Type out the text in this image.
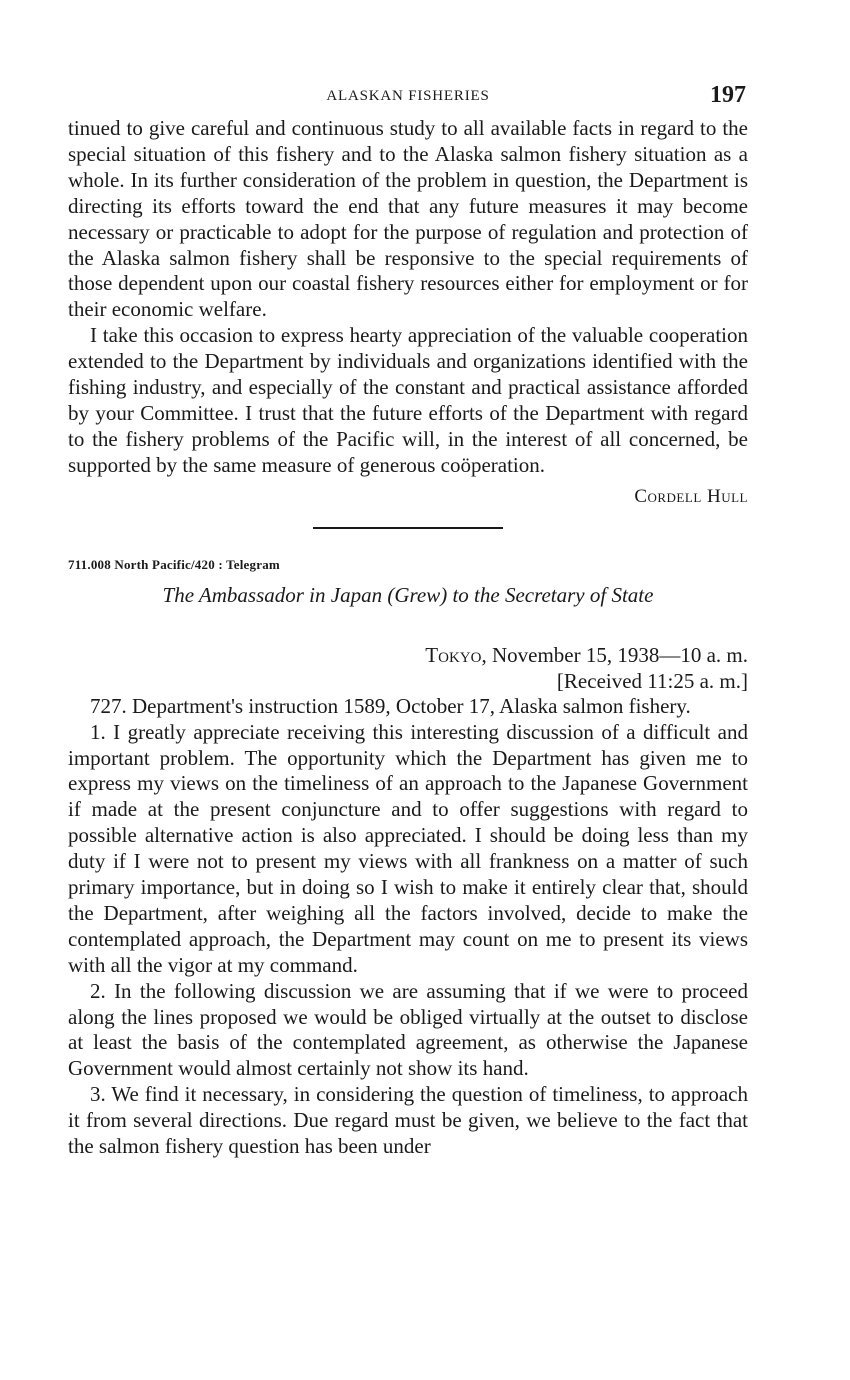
ALASKAN FISHERIES	197

tinued to give careful and continuous study to all available facts in regard to the special situation of this fishery and to the Alaska salmon fishery situation as a whole. In its further consideration of the problem in question, the Department is directing its efforts toward the end that any future measures it may become necessary or practicable to adopt for the purpose of regulation and protection of the Alaska salmon fishery shall be responsive to the special requirements of those dependent upon our coastal fishery resources either for employment or for their economic welfare.

I take this occasion to express hearty appreciation of the valuable cooperation extended to the Department by individuals and organizations identified with the fishing industry, and especially of the constant and practical assistance afforded by your Committee. I trust that the future efforts of the Department with regard to the fishery problems of the Pacific will, in the interest of all concerned, be supported by the same measure of generous coöperation.

Cordell Hull
711.008 North Pacific/420 : Telegram
The Ambassador in Japan (Grew) to the Secretary of State
Tokyo, November 15, 1938—10 a. m.
[Received 11:25 a. m.]

727. Department's instruction 1589, October 17, Alaska salmon fishery.

1. I greatly appreciate receiving this interesting discussion of a difficult and important problem. The opportunity which the Department has given me to express my views on the timeliness of an approach to the Japanese Government if made at the present conjuncture and to offer suggestions with regard to possible alternative action is also appreciated. I should be doing less than my duty if I were not to present my views with all frankness on a matter of such primary importance, but in doing so I wish to make it entirely clear that, should the Department, after weighing all the factors involved, decide to make the contemplated approach, the Department may count on me to present its views with all the vigor at my command.

2. In the following discussion we are assuming that if we were to proceed along the lines proposed we would be obliged virtually at the outset to disclose at least the basis of the contemplated agreement, as otherwise the Japanese Government would almost certainly not show its hand.

3. We find it necessary, in considering the question of timeliness, to approach it from several directions. Due regard must be given, we believe to the fact that the salmon fishery question has been under
